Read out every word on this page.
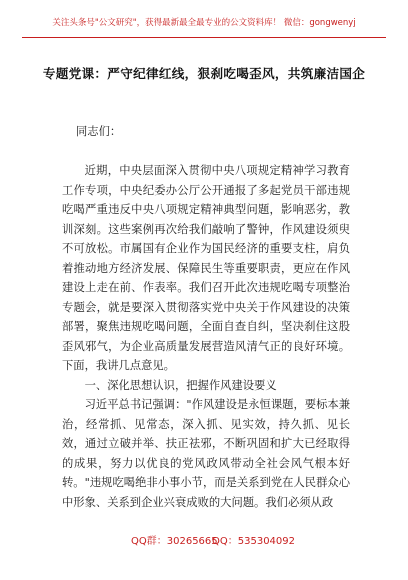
关注头条号"公文研究"，获得最新最全最专业的公文资料库！ 微信：gongwenyj
专题党课：严守纪律红线，狠刹吃喝歪风，共筑廉洁国企

同志们：

近期，中央层面深入贯彻中央八项规定精神学习教育工作专项，中央纪委办公厅公开通报了多起党员干部违规吃喝严重违反中央八项规定精神典型问题，影响恶劣，教训深刻。这些案例再次给我们敲响了警钟，作风建设须臾不可放松。市属国有企业作为国民经济的重要支柱，肩负着推动地方经济发展、保障民生等重要职责，更应在作风建设上走在前、作表率。我们召开此次违规吃喝专项整治专题会，就是要深入贯彻落实党中央关于作风建设的决策部署，聚焦违规吃喝问题，全面自查自纠，坚决刹住这股歪风邪气，为企业高质量发展营造风清气正的良好环境。下面，我讲几点意见。

一、深化思想认识，把握作风建设要义

习近平总书记强调："作风建设是永恒课题，要标本兼治，经常抓、见常态，深入抓、见实效，持久抓、见长效，通过立破并举、扶正祛邪，不断巩固和扩大已经取得的成果，努力以优良的党风政风带动全社会风气根本好转。"违规吃喝绝非小事小节，而是关系到党在人民群众心中形象、关系到企业兴衰成败的大问题。我们必须从政

QQ群：30265665
QQ：535304092
